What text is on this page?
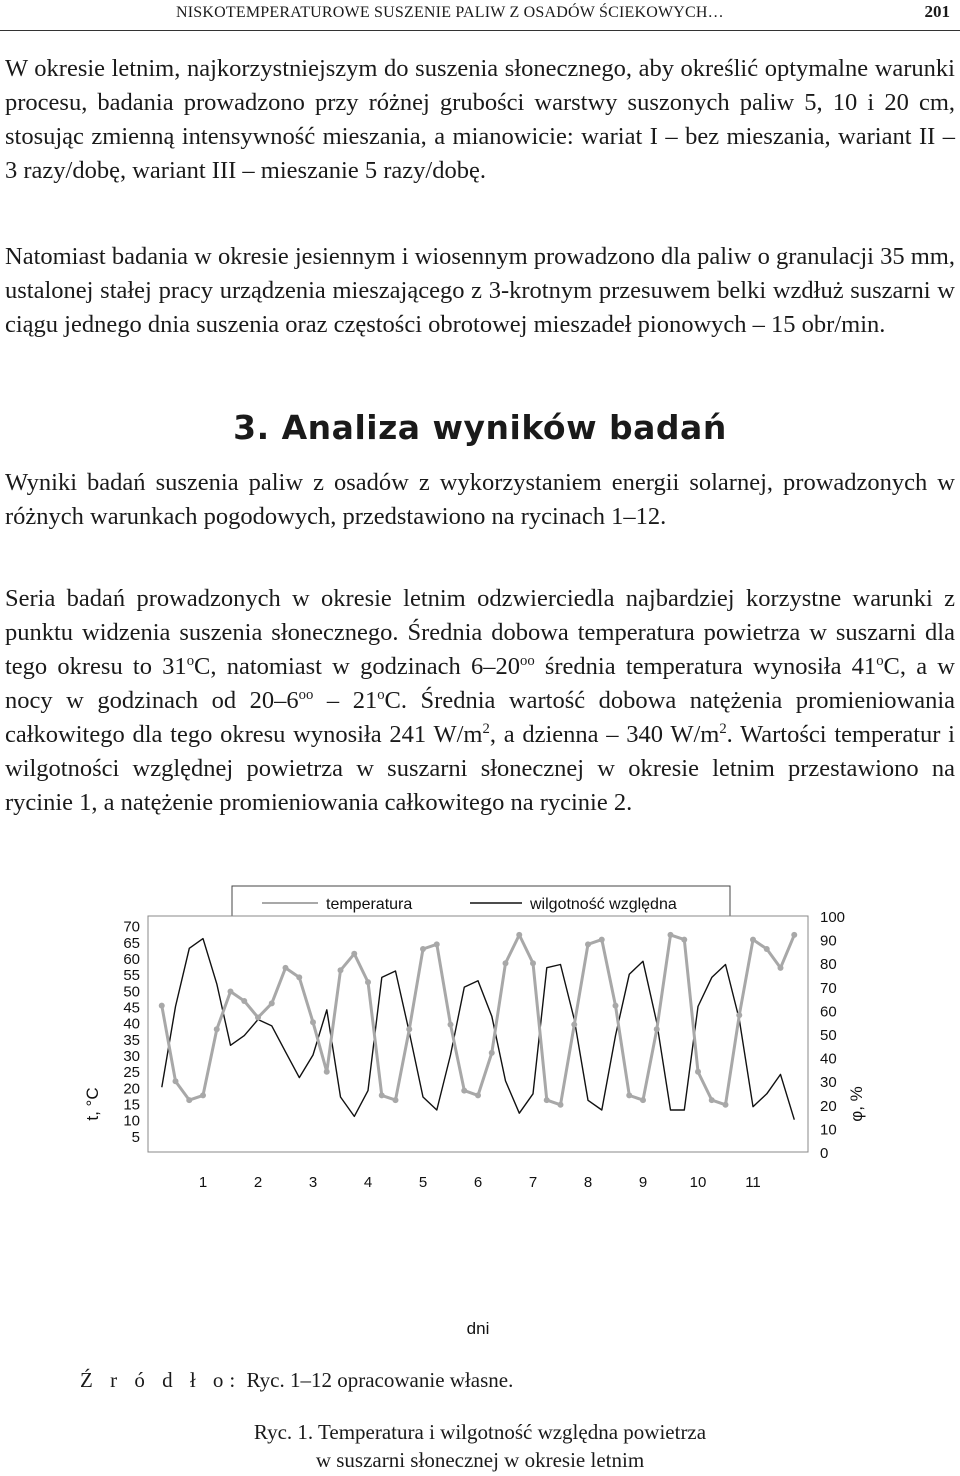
NISKOTEMPERATUROWE SUSZENIE PALIW Z OSADÓW ŚCIEKOWYCH…	201

W okresie letnim, najkorzystniejszym do suszenia słonecznego, aby określić optymalne warunki procesu, badania prowadzono przy różnej grubości warstwy suszonych paliw 5, 10 i 20 cm, stosując zmienną intensywność mieszania, a mianowicie: wariat I – bez mieszania, wariant II – 3 razy/dobę, wariant III – mieszanie 5 razy/dobę.

Natomiast badania w okresie jesiennym i wiosennym prowadzono dla paliw o granulacji 35 mm, ustalonej stałej pracy urządzenia mieszającego z 3-krotnym przesuwem belki wzdłuż suszarni w ciągu jednego dnia suszenia oraz częstości obrotowej mieszadeł pionowych – 15 obr/min.

3. Analiza wyników badań

Wyniki badań suszenia paliw z osadów z wykorzystaniem energii solarnej, prowadzonych w różnych warunkach pogodowych, przedstawiono na rycinach 1–12.

Seria badań prowadzonych w okresie letnim odzwierciedla najbardziej korzystne warunki z punktu widzenia suszenia słonecznego. Średnia dobowa temperatura powietrza w suszarni dla tego okresu to 31$^o$C, natomiast w godzinach $6-20^{oo}$ średnia temperatura wynosiła 41$^o$C, a w nocy w godzinach od $20-6^{oo} - 21^oC$. Średnia wartość dobowa natężenia promieniowania całkowitego dla tego okresu wynosiła 241 $W/m^2$, a dzienna – 340 $W/m^2$. Wartości temperatur i wilgotności względnej powietrza w suszarni słonecznej w okresie letnim przestawiono na rycinie 1, a natężenie promieniowania całkowitego na rycinie 2.

temperatura	wilgotność względna
70
65
60
55
50
45
40
35
30
25
20
15
10
5
100
90
80
70
60
50
40
30
20
10
0
1	2	3	4	5	6	7	8	9	10	11
dni
t, °C	φ, %
Ź r ó d ł o: Ryc. 1–12 opracowanie własne.
Ryc. 1. Temperatura i wilgotność względna powietrza
w suszarni słonecznej w okresie letnim
